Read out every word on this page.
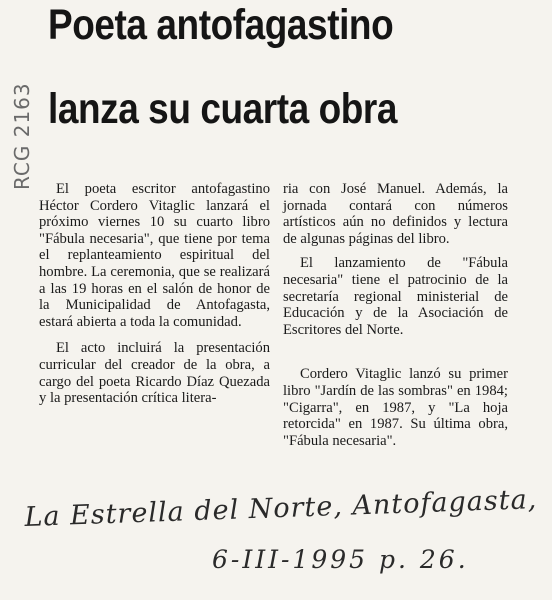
Poeta antofagastino
lanza su cuarta obra
RCG 2163	El poeta escritor antofagastino Héctor Cordero Vitaglic lanzará el próximo viernes 10 su cuarto libro "Fábula necesaria", que tiene por tema el replanteamiento espiritual del hombre. La ceremonia, que se realizará a las 19 horas en el salón de honor de la Municipalidad de Antofagasta, estará abierta a toda la comunidad.

El acto incluirá la presentación curricular del creador de la obra, a cargo del poeta Ricardo Díaz Quezada y la presentación crítica litera-

ria con José Manuel. Además, la jornada contará con números artísticos aún no definidos y lectura de algunas páginas del libro.

El lanzamiento de "Fábula necesaria" tiene el patrocinio de la secretaría regional ministerial de Educación y de la Asociación de Escritores del Norte.

Cordero Vitaglic lanzó su primer libro "Jardín de las sombras" en 1984; "Cigarra", en 1987, y "La hoja retorcida" en 1987. Su última obra, "Fábula necesaria".

La Estrella del Norte, Antofagasta,
6-III-1995 p. 26.
